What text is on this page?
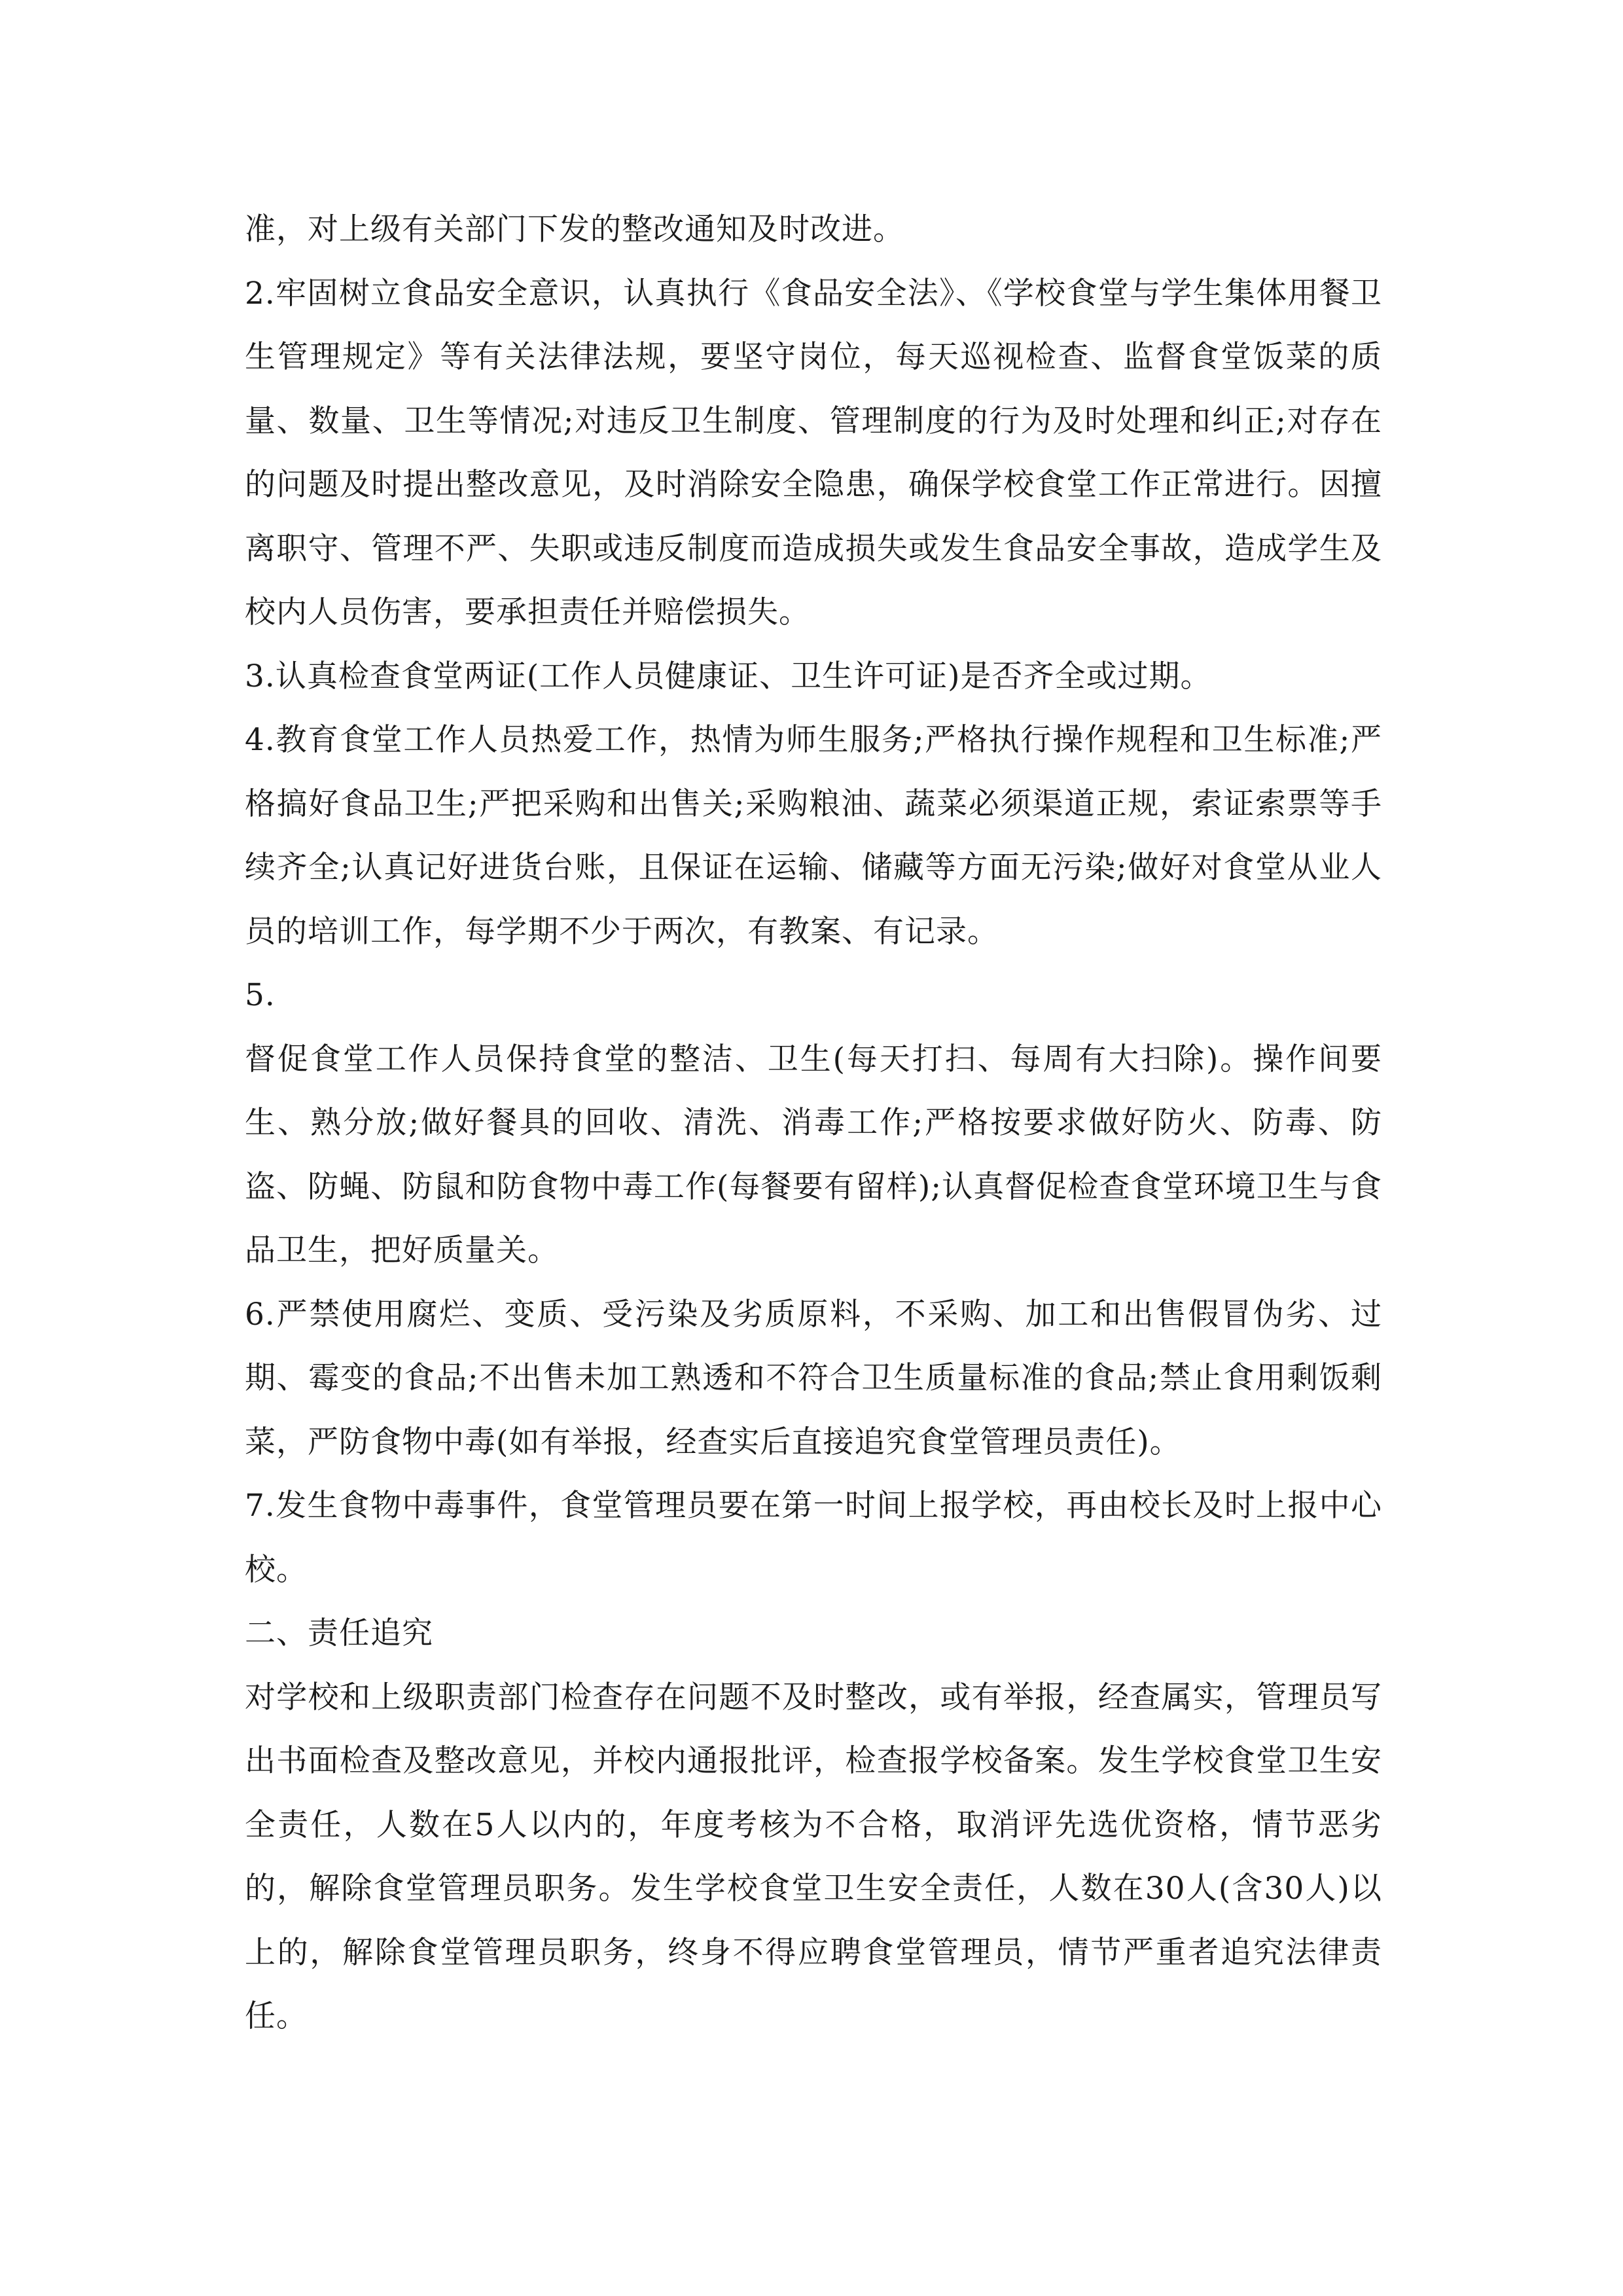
准，对上级有关部门下发的整改通知及时改进。

2.牢固树立食品安全意识，认真执行《食品安全法》、《学校食堂与学生集体用餐卫生管理规定》等有关法律法规，要坚守岗位，每天巡视检查、监督食堂饭菜的质量、数量、卫生等情况;对违反卫生制度、管理制度的行为及时处理和纠正;对存在的问题及时提出整改意见，及时消除安全隐患，确保学校食堂工作正常进行。因擅离职守、管理不严、失职或违反制度而造成损失或发生食品安全事故，造成学生及校内人员伤害，要承担责任并赔偿损失。

3.认真检查食堂两证(工作人员健康证、卫生许可证)是否齐全或过期。

4.教育食堂工作人员热爱工作，热情为师生服务;严格执行操作规程和卫生标准;严格搞好食品卫生;严把采购和出售关;采购粮油、蔬菜必须渠道正规，索证索票等手续齐全;认真记好进货台账，且保证在运输、储藏等方面无污染;做好对食堂从业人员的培训工作，每学期不少于两次，有教案、有记录。

5.

督促食堂工作人员保持食堂的整洁、卫生(每天打扫、每周有大扫除)。操作间要生、熟分放;做好餐具的回收、清洗、消毒工作;严格按要求做好防火、防毒、防盗、防蝇、防鼠和防食物中毒工作(每餐要有留样);认真督促检查食堂环境卫生与食品卫生，把好质量关。

6.严禁使用腐烂、变质、受污染及劣质原料，不采购、加工和出售假冒伪劣、过期、霉变的食品;不出售未加工熟透和不符合卫生质量标准的食品;禁止食用剩饭剩菜，严防食物中毒(如有举报，经查实后直接追究食堂管理员责任)。

7.发生食物中毒事件，食堂管理员要在第一时间上报学校，再由校长及时上报中心校。

二、责任追究

对学校和上级职责部门检查存在问题不及时整改，或有举报，经查属实，管理员写出书面检查及整改意见，并校内通报批评，检查报学校备案。发生学校食堂卫生安全责任，人数在5人以内的，年度考核为不合格，取消评先选优资格，情节恶劣的，解除食堂管理员职务。发生学校食堂卫生安全责任，人数在30人(含30人)以上的，解除食堂管理员职务，终身不得应聘食堂管理员，情节严重者追究法律责任。
